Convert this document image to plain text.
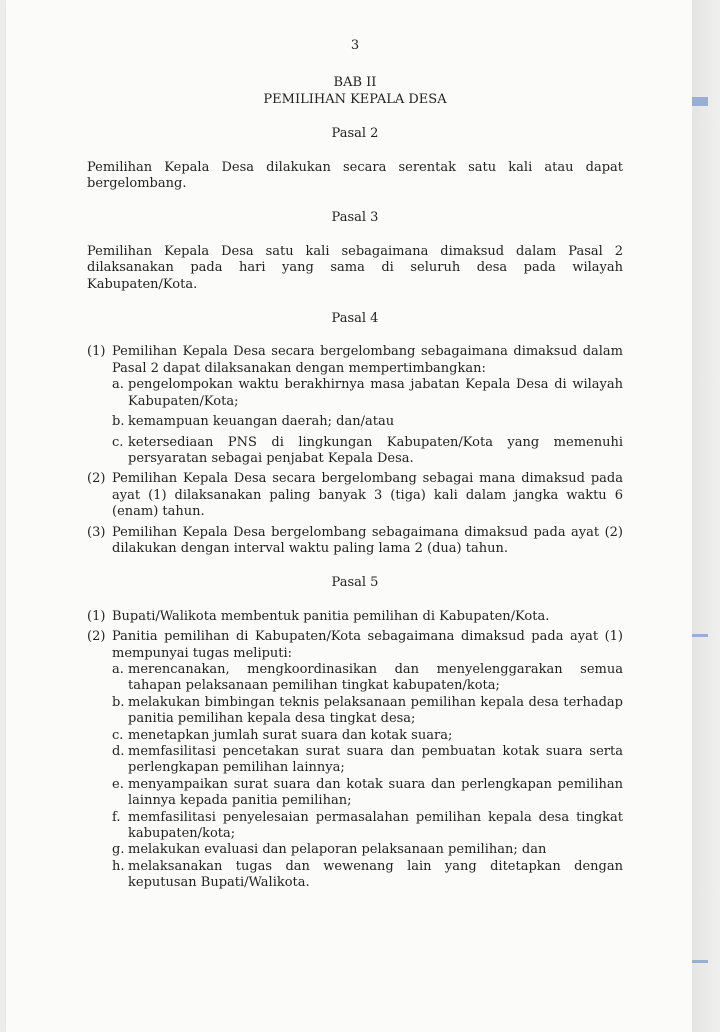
3

BAB II

PEMILIHAN KEPALA DESA

Pasal 2

Pemilihan Kepala Desa dilakukan secara serentak satu kali atau dapat bergelombang.

Pasal 3

Pemilihan Kepala Desa satu kali sebagaimana dimaksud dalam Pasal 2 dilaksanakan pada hari yang sama di seluruh desa pada wilayah Kabupaten/Kota.

Pasal 4

(1) Pemilihan Kepala Desa secara bergelombang sebagaimana dimaksud dalam Pasal 2 dapat dilaksanakan dengan mempertimbangkan:
a. pengelompokan waktu berakhirnya masa jabatan Kepala Desa di wilayah Kabupaten/Kota;
b. kemampuan keuangan daerah; dan/atau
c. ketersediaan PNS di lingkungan Kabupaten/Kota yang memenuhi persyaratan sebagai penjabat Kepala Desa.
(2) Pemilihan Kepala Desa secara bergelombang sebagai mana dimaksud pada ayat (1) dilaksanakan paling banyak 3 (tiga) kali dalam jangka waktu 6 (enam) tahun.
(3) Pemilihan Kepala Desa bergelombang sebagaimana dimaksud pada ayat (2) dilakukan dengan interval waktu paling lama 2 (dua) tahun.

Pasal 5

(1) Bupati/Walikota membentuk panitia pemilihan di Kabupaten/Kota.
(2) Panitia pemilihan di Kabupaten/Kota sebagaimana dimaksud pada ayat (1) mempunyai tugas meliputi:
a. merencanakan, mengkoordinasikan dan menyelenggarakan semua tahapan pelaksanaan pemilihan tingkat kabupaten/kota;
b. melakukan bimbingan teknis pelaksanaan pemilihan kepala desa terhadap panitia pemilihan kepala desa tingkat desa;
c. menetapkan jumlah surat suara dan kotak suara;
d. memfasilitasi pencetakan surat suara dan pembuatan kotak suara serta perlengkapan pemilihan lainnya;
e. menyampaikan surat suara dan kotak suara dan perlengkapan pemilihan lainnya kepada panitia pemilihan;
f. memfasilitasi penyelesaian permasalahan pemilihan kepala desa tingkat kabupaten/kota;
g. melakukan evaluasi dan pelaporan pelaksanaan pemilihan; dan
h. melaksanakan tugas dan wewenang lain yang ditetapkan dengan keputusan Bupati/Walikota.
